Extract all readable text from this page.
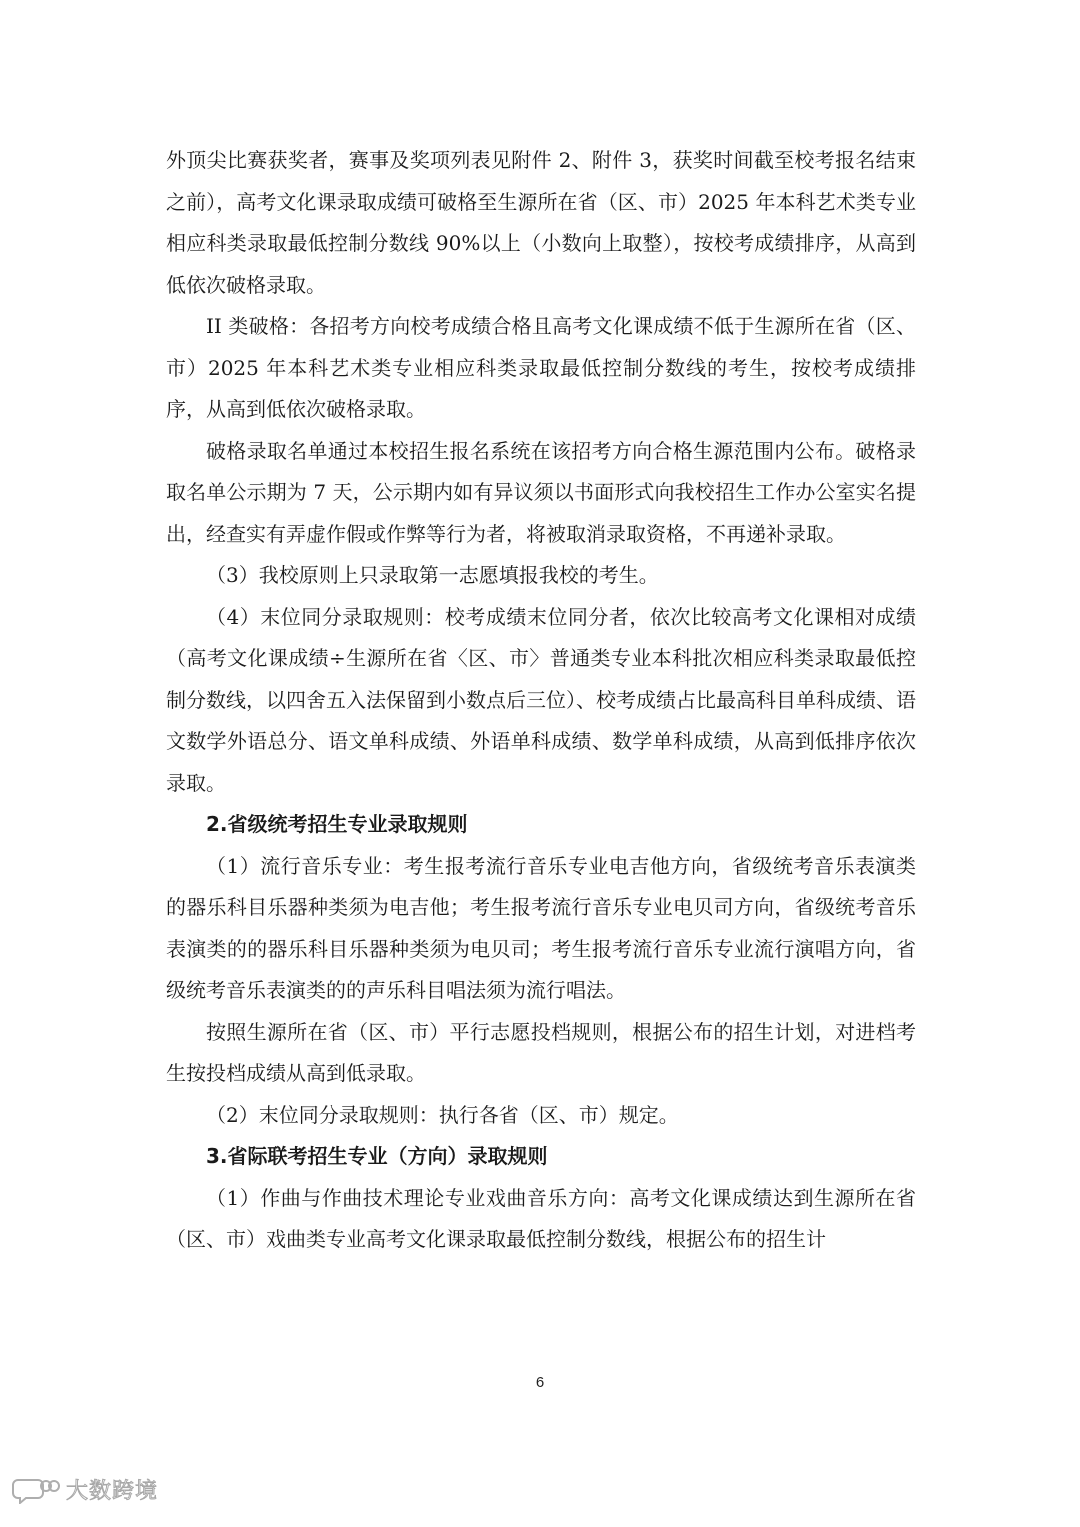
外顶尖比赛获奖者，赛事及奖项列表见附件 2、附件 3，获奖时间截至校考报名结束之前），高考文化课录取成绩可破格至生源所在省（区、市）2025 年本科艺术类专业相应科类录取最低控制分数线 90%以上（小数向上取整），按校考成绩排序，从高到低依次破格录取。

II 类破格：各招考方向校考成绩合格且高考文化课成绩不低于生源所在省（区、市）2025 年本科艺术类专业相应科类录取最低控制分数线的考生，按校考成绩排序，从高到低依次破格录取。

破格录取名单通过本校招生报名系统在该招考方向合格生源范围内公布。破格录取名单公示期为 7 天，公示期内如有异议须以书面形式向我校招生工作办公室实名提出，经查实有弄虚作假或作弊等行为者，将被取消录取资格，不再递补录取。

（3）我校原则上只录取第一志愿填报我校的考生。

（4）末位同分录取规则：校考成绩末位同分者，依次比较高考文化课相对成绩（高考文化课成绩÷生源所在省〈区、市〉普通类专业本科批次相应科类录取最低控制分数线，以四舍五入法保留到小数点后三位）、校考成绩占比最高科目单科成绩、语文数学外语总分、语文单科成绩、外语单科成绩、数学单科成绩，从高到低排序依次录取。

2.省级统考招生专业录取规则

（1）流行音乐专业：考生报考流行音乐专业电吉他方向，省级统考音乐表演类的器乐科目乐器种类须为电吉他；考生报考流行音乐专业电贝司方向，省级统考音乐表演类的的器乐科目乐器种类须为电贝司；考生报考流行音乐专业流行演唱方向，省级统考音乐表演类的的声乐科目唱法须为流行唱法。

按照生源所在省（区、市）平行志愿投档规则，根据公布的招生计划，对进档考生按投档成绩从高到低录取。

（2）末位同分录取规则：执行各省（区、市）规定。

3.省际联考招生专业（方向）录取规则

（1）作曲与作曲技术理论专业戏曲音乐方向：高考文化课成绩达到生源所在省（区、市）戏曲类专业高考文化课录取最低控制分数线，根据公布的招生计

6
大数跨境
